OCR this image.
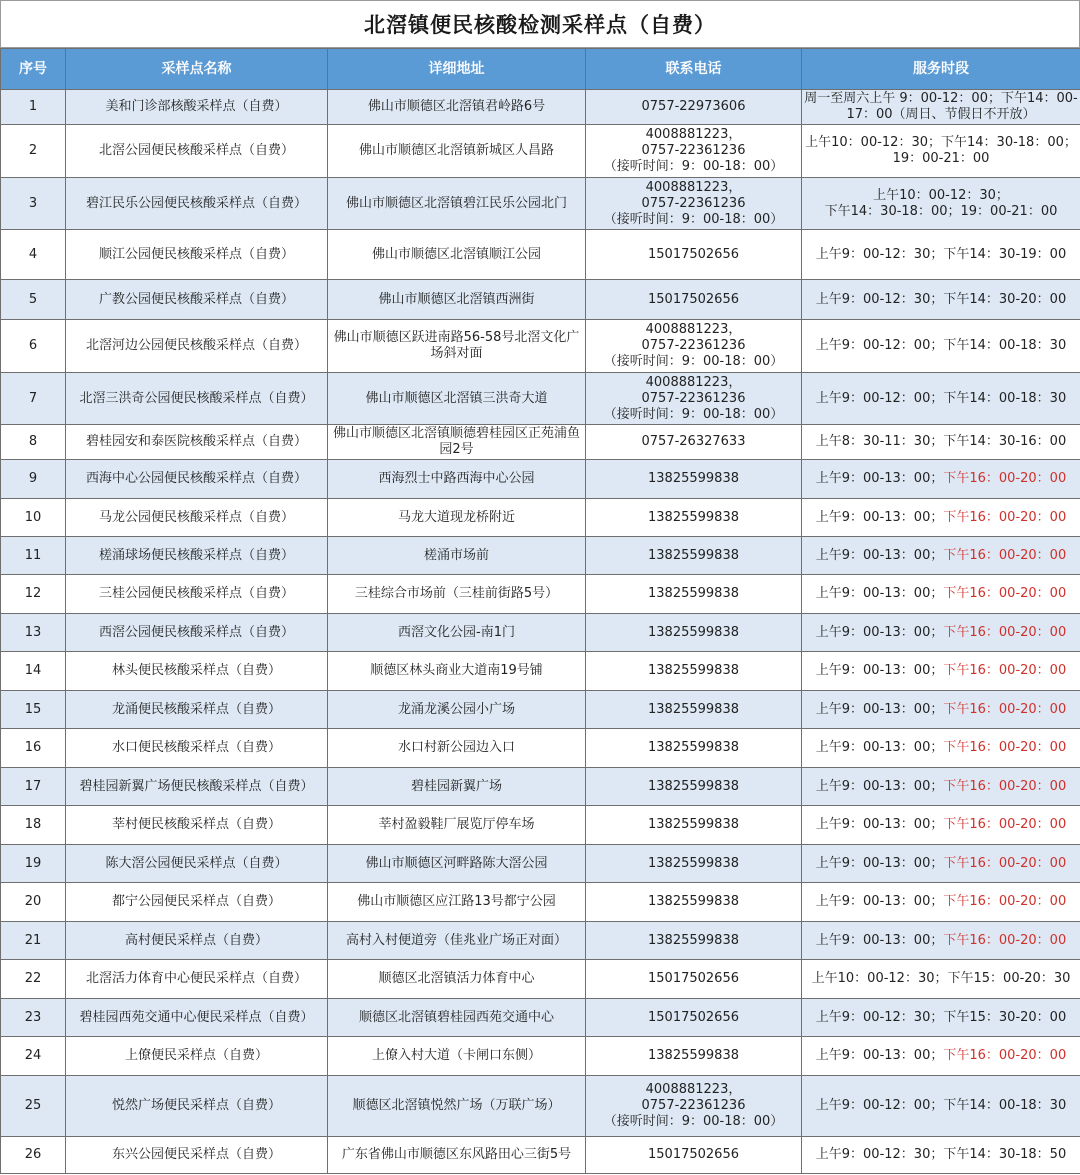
北滘镇便民核酸检测采样点（自费）
序号	采样点名称	详细地址	联系电话	服务时段
1	美和门诊部核酸采样点（自费）	佛山市顺德区北滘镇君岭路6号	0757-22973606	周一至周六上午 9：00-12：00；下午14：00-17：00（周日、节假日不开放）
2	北滘公园便民核酸采样点（自费）	佛山市顺德区北滘镇新城区人昌路	4008881223，
0757-22361236
（接听时间：9：00-18：00）	上午10：00-12：30；下午14：30-18：00；19：00-21：00
3	碧江民乐公园便民核酸采样点（自费）	佛山市顺德区北滘镇碧江民乐公园北门	4008881223，
0757-22361236
（接听时间：9：00-18：00）	上午10：00-12：30；
下午14：30-18：00；19：00-21：00
4	顺江公园便民核酸采样点（自费）	佛山市顺德区北滘镇顺江公园	15017502656	上午9：00-12：30；下午14：30-19：00
5	广教公园便民核酸采样点（自费）	佛山市顺德区北滘镇西洲街	15017502656	上午9：00-12：30；下午14：30-20：00
6	北滘河边公园便民核酸采样点（自费）	佛山市顺德区跃进南路56-58号北滘文化广场斜对面	4008881223，
0757-22361236
（接听时间：9：00-18：00）	上午9：00-12：00；下午14：00-18：30
7	北滘三洪奇公园便民核酸采样点（自费）	佛山市顺德区北滘镇三洪奇大道	4008881223，
0757-22361236
（接听时间：9：00-18：00）	上午9：00-12：00；下午14：00-18：30
8	碧桂园安和泰医院核酸采样点（自费）	佛山市顺德区北滘镇顺德碧桂园区正苑浦鱼园2号	0757-26327633	上午8：30-11：30；下午14：30-16：00
9	西海中心公园便民核酸采样点（自费）	西海烈士中路西海中心公园	13825599838	上午9：00-13：00；下午16：00-20：00
10	马龙公园便民核酸采样点（自费）	马龙大道现龙桥附近	13825599838	上午9：00-13：00；下午16：00-20：00
11	槎涌球场便民核酸采样点（自费）	槎涌市场前	13825599838	上午9：00-13：00；下午16：00-20：00
12	三桂公园便民核酸采样点（自费）	三桂综合市场前（三桂前街路5号）	13825599838	上午9：00-13：00；下午16：00-20：00
13	西滘公园便民核酸采样点（自费）	西滘文化公园-南1门	13825599838	上午9：00-13：00；下午16：00-20：00
14	林头便民核酸采样点（自费）	顺德区林头商业大道南19号铺	13825599838	上午9：00-13：00；下午16：00-20：00
15	龙涌便民核酸采样点（自费）	龙涌龙溪公园小广场	13825599838	上午9：00-13：00；下午16：00-20：00
16	水口便民核酸采样点（自费）	水口村新公园边入口	13825599838	上午9：00-13：00；下午16：00-20：00
17	碧桂园新翼广场便民核酸采样点（自费）	碧桂园新翼广场	13825599838	上午9：00-13：00；下午16：00-20：00
18	莘村便民核酸采样点（自费）	莘村盈毅鞋厂展览厅停车场	13825599838	上午9：00-13：00；下午16：00-20：00
19	陈大滘公园便民采样点（自费）	佛山市顺德区河畔路陈大滘公园	13825599838	上午9：00-13：00；下午16：00-20：00
20	都宁公园便民采样点（自费）	佛山市顺德区应江路13号都宁公园	13825599838	上午9：00-13：00；下午16：00-20：00
21	高村便民采样点（自费）	高村入村便道旁（佳兆业广场正对面）	13825599838	上午9：00-13：00；下午16：00-20：00
22	北滘活力体育中心便民采样点（自费）	顺德区北滘镇活力体育中心	15017502656	上午10：00-12：30；下午15：00-20：30
23	碧桂园西苑交通中心便民采样点（自费）	顺德区北滘镇碧桂园西苑交通中心	15017502656	上午9：00-12：30；下午15：30-20：00
24	上僚便民采样点（自费）	上僚入村大道（卡闸口东侧）	13825599838	上午9：00-13：00；下午16：00-20：00
25	悦然广场便民采样点（自费）	顺德区北滘镇悦然广场（万联广场）	4008881223，
0757-22361236
（接听时间：9：00-18：00）	上午9：00-12：00；下午14：00-18：30
26	东兴公园便民采样点（自费）	广东省佛山市顺德区东风路田心三街5号	15017502656	上午9：00-12：30；下午14：30-18：50
